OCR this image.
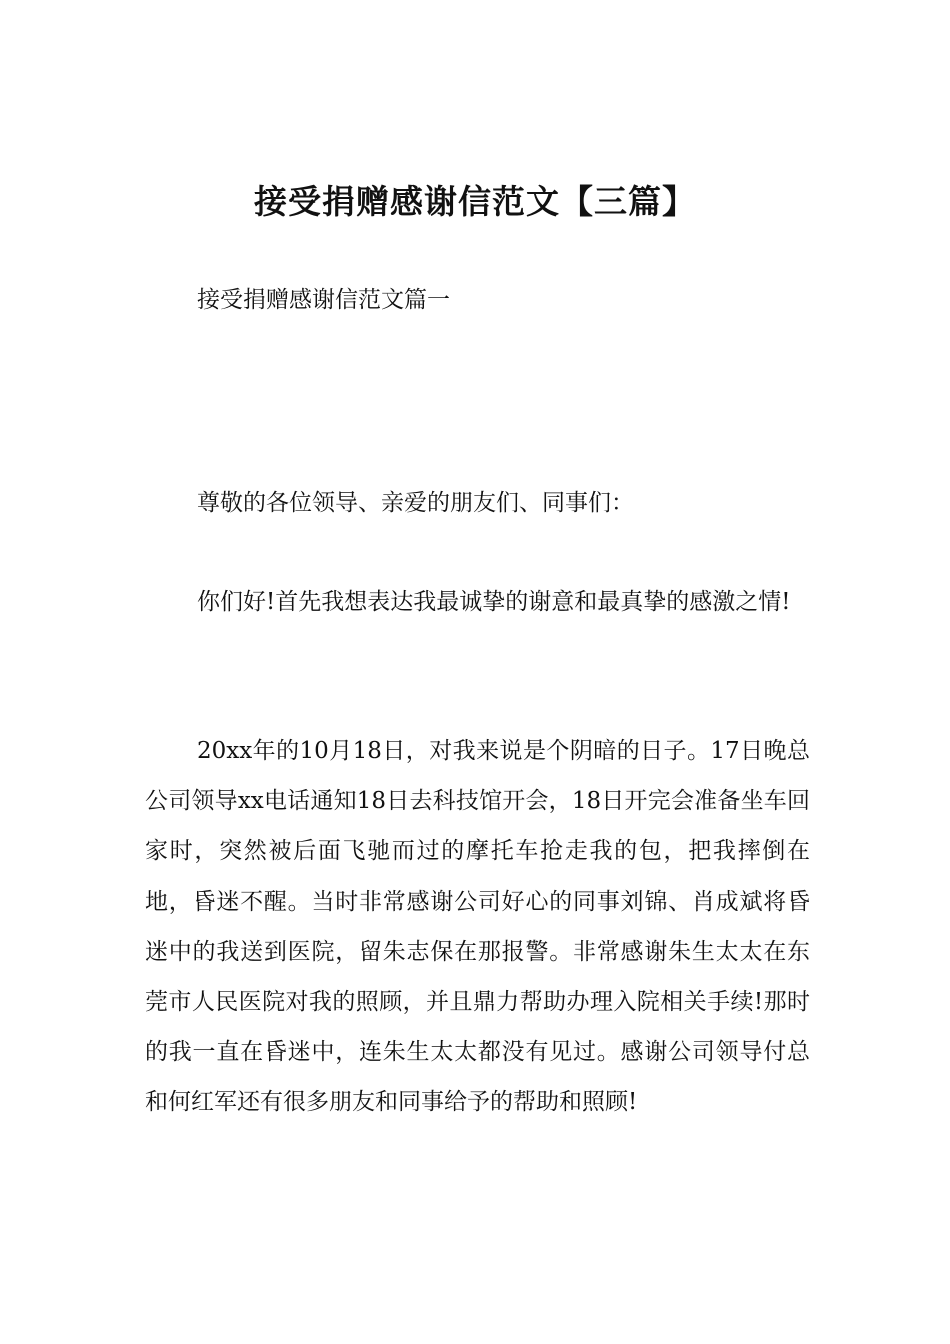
接受捐赠感谢信范文【三篇】

接受捐赠感谢信范文篇一

尊敬的各位领导、亲爱的朋友们、同事们：

你们好!首先我想表达我最诚挚的谢意和最真挚的感激之情!

20xx年的10月18日，对我来说是个阴暗的日子。17日晚总公司领导xx电话通知18日去科技馆开会，18日开完会准备坐车回家时，突然被后面飞驰而过的摩托车抢走我的包，把我摔倒在地，昏迷不醒。当时非常感谢公司好心的同事刘锦、肖成斌将昏迷中的我送到医院，留朱志保在那报警。非常感谢朱生太太在东莞市人民医院对我的照顾，并且鼎力帮助办理入院相关手续!那时的我一直在昏迷中，连朱生太太都没有见过。感谢公司领导付总和何红军还有很多朋友和同事给予的帮助和照顾!
